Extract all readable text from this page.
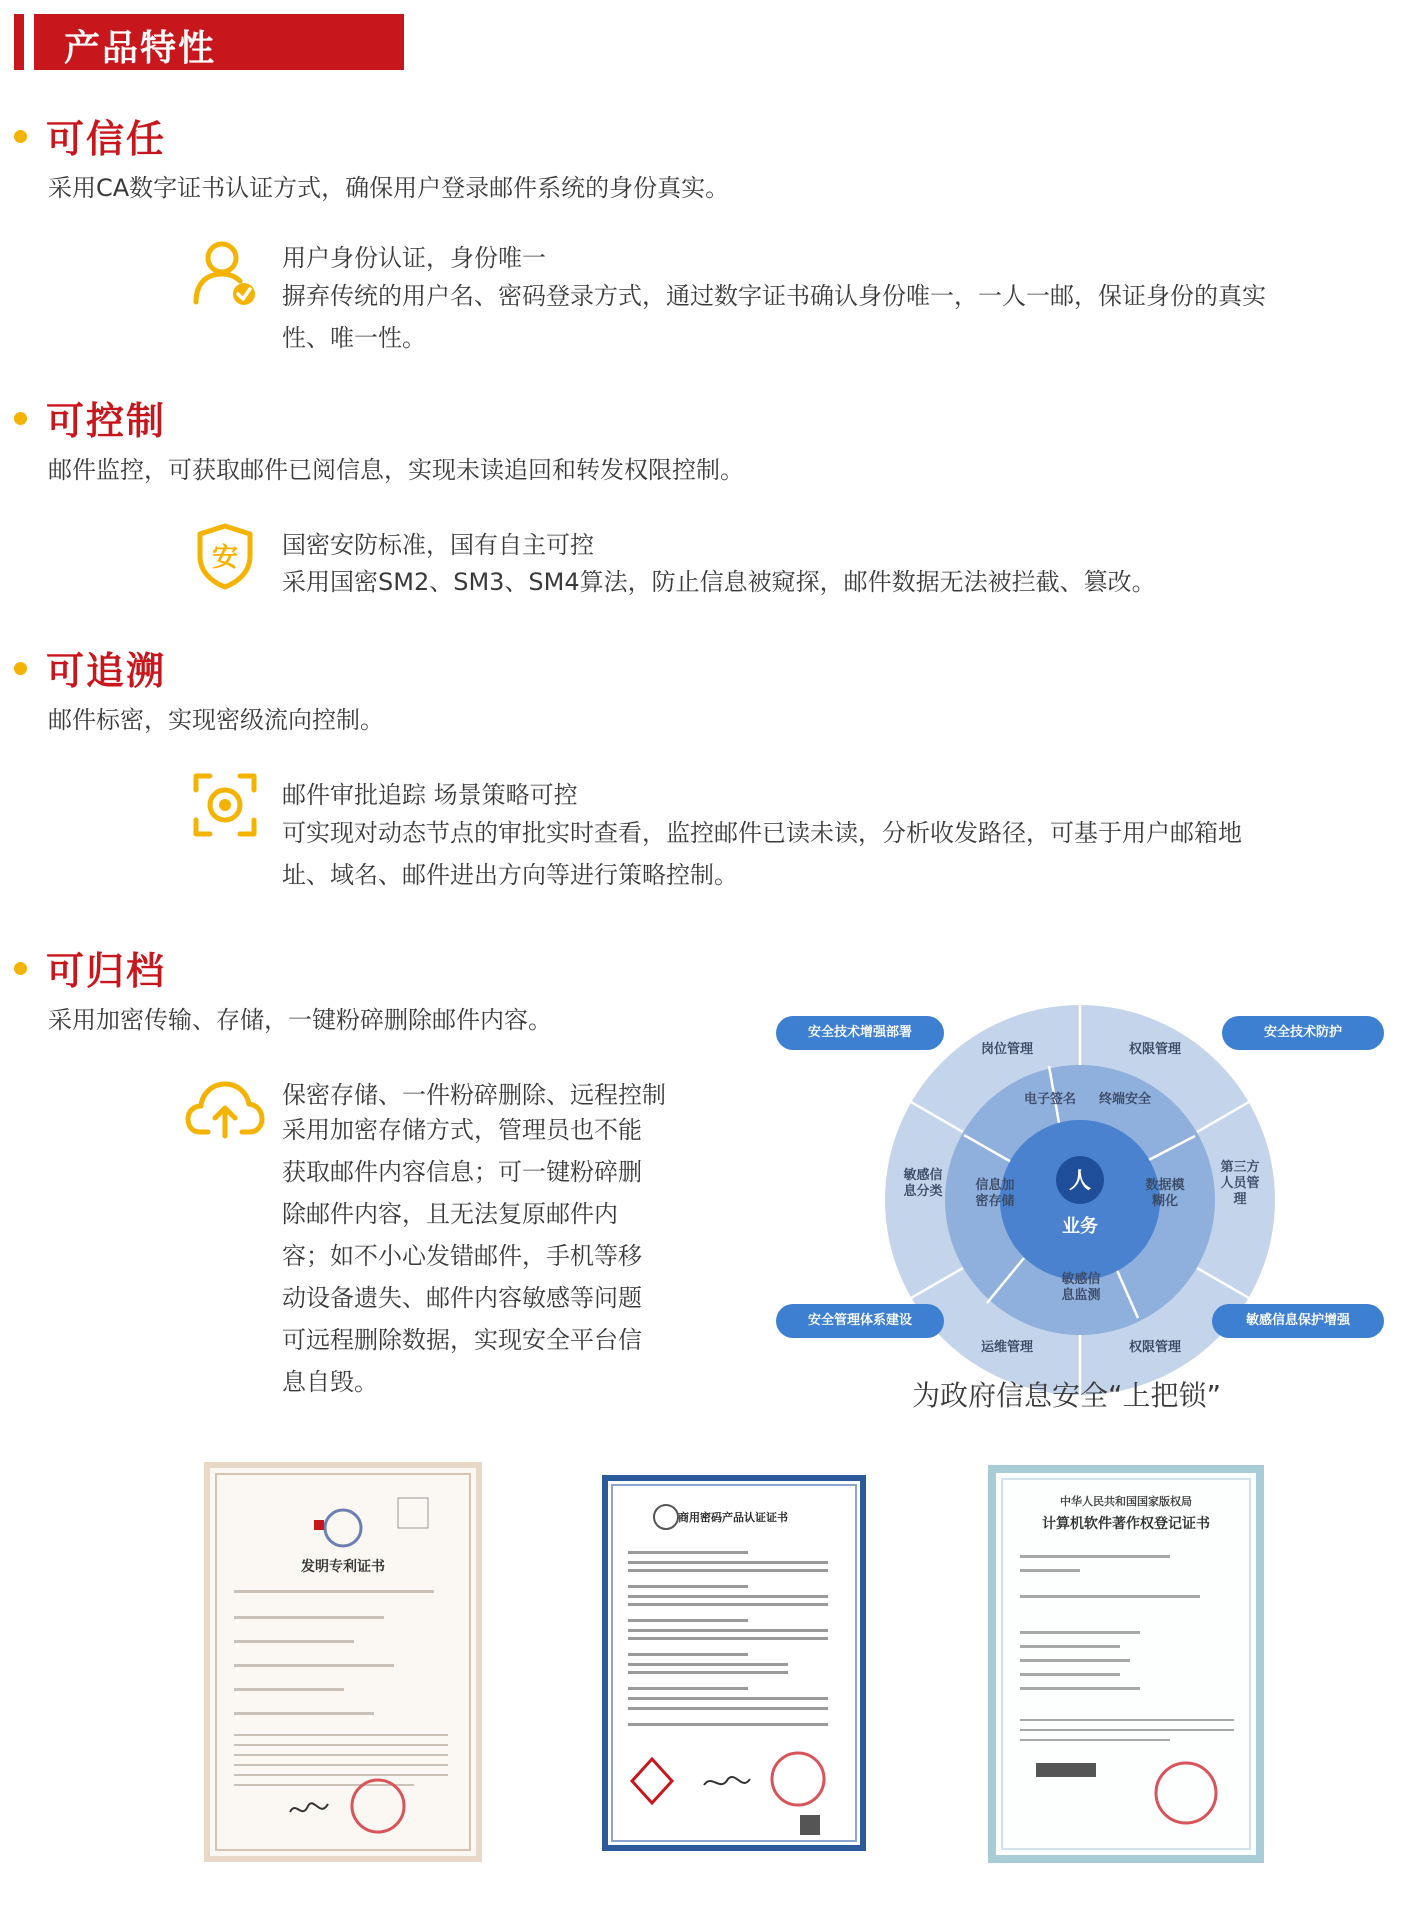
产品特性
可信任
采用CA数字证书认证方式，确保用户登录邮件系统的身份真实。
用户身份认证，身份唯一
摒弃传统的用户名、密码登录方式，通过数字证书确认身份唯一，一人一邮，保证身份的真实
性、唯一性。
可控制
邮件监控，可获取邮件已阅信息，实现未读追回和转发权限控制。
安 国密安防标准，国有自主可控
采用国密SM2、SM3、SM4算法，防止信息被窥探，邮件数据无法被拦截、篡改。
可追溯
邮件标密，实现密级流向控制。
邮件审批追踪 场景策略可控
可实现对动态节点的审批实时查看，监控邮件已读未读，分析收发路径，可基于用户邮箱地
址、域名、邮件进出方向等进行策略控制。
可归档
采用加密传输、存储，一键粉碎删除邮件内容。
保密存储、一件粉碎删除、远程控制
采用加密存储方式，管理员也不能
获取邮件内容信息；可一键粉碎删
除邮件内容，且无法复原邮件内
容；如不小心发错邮件，手机等移
动设备遗失、邮件内容敏感等问题
可远程删除数据，实现安全平台信
息自毁。
人
业务
电子签名	终端安全
数据模糊化
敏感信息监测
信息加密存储
岗位管理	权限管理
第三方人员管理
权限管理
运维管理
敏感信息分类
安全技术增强部署	安全技术防护
安全管理体系建设	敏感信息保护增强
为政府信息安全“上把锁”
发明专利证书
商用密码产品认证证书
中华人民共和国国家版权局
计算机软件著作权登记证书
